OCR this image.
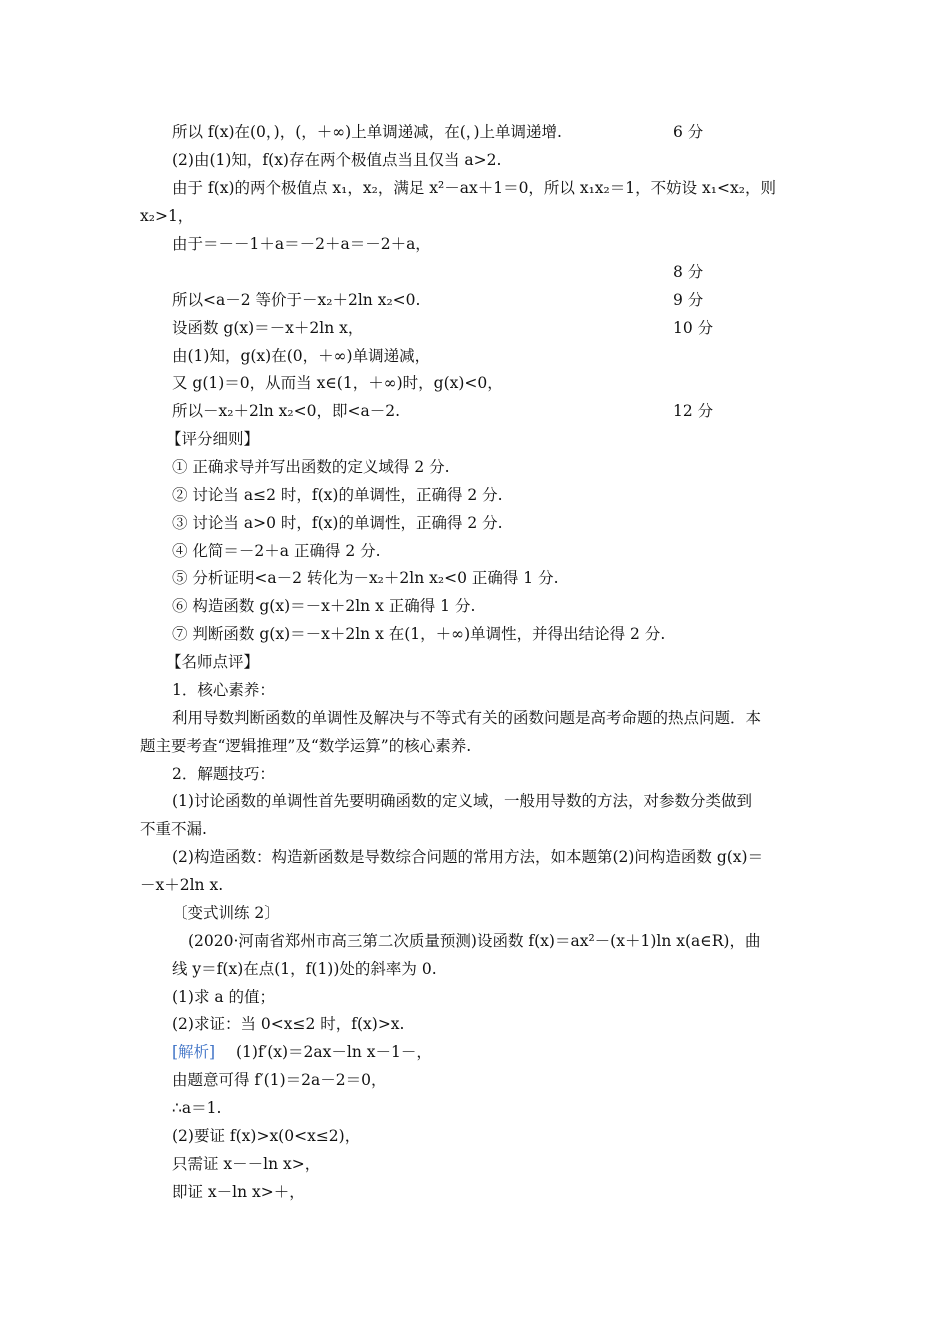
所以 f(x)在(0，)，(，＋∞)上单调递减，在(，)上单调递增.	6 分
(2)由(1)知，f(x)存在两个极值点当且仅当 a>2.
由于 f(x)的两个极值点 x₁，x₂，满足 x²－ax＋1＝0，所以 x₁x₂＝1，不妨设 x₁<x₂，则
x₂>1，
由于＝－－1＋a＝－2＋a＝－2＋a，
8 分
所以<a－2 等价于－x₂＋2ln x₂<0.	9 分
设函数 g(x)＝－x＋2ln x，	10 分
由(1)知，g(x)在(0，＋∞)单调递减，
又 g(1)＝0，从而当 x∈(1，＋∞)时，g(x)<0，
所以－x₂＋2ln x₂<0，即<a－2.	12 分
【评分细则】
① 正确求导并写出函数的定义域得 2 分.
② 讨论当 a≤2 时，f(x)的单调性，正确得 2 分.
③ 讨论当 a>0 时，f(x)的单调性，正确得 2 分.
④ 化简＝－2＋a 正确得 2 分.
⑤ 分析证明<a－2 转化为－x₂＋2ln x₂<0 正确得 1 分.
⑥ 构造函数 g(x)＝－x＋2ln x 正确得 1 分.
⑦ 判断函数 g(x)＝－x＋2ln x 在(1，＋∞)单调性，并得出结论得 2 分.
【名师点评】
1．核心素养：
利用导数判断函数的单调性及解决与不等式有关的函数问题是高考命题的热点问题．本
题主要考查“逻辑推理”及“数学运算”的核心素养.
2．解题技巧：
(1)讨论函数的单调性首先要明确函数的定义域，一般用导数的方法，对参数分类做到
不重不漏.
(2)构造函数：构造新函数是导数综合问题的常用方法，如本题第(2)问构造函数 g(x)＝
－x＋2ln x.
〔变式训练 2〕
(2020·河南省郑州市高三第二次质量预测)设函数 f(x)＝ax²－(x＋1)ln x(a∈R)，曲
线 y＝f(x)在点(1，f(1))处的斜率为 0.
(1)求 a 的值；
(2)求证：当 0<x≤2 时，f(x)>x.
[解析] (1)f′(x)＝2ax－ln x－1－，
由题意可得 f′(1)＝2a－2＝0，
∴a＝1.
(2)要证 f(x)>x(0<x≤2)，
只需证 x－－ln x>，
即证 x－ln x>＋，
